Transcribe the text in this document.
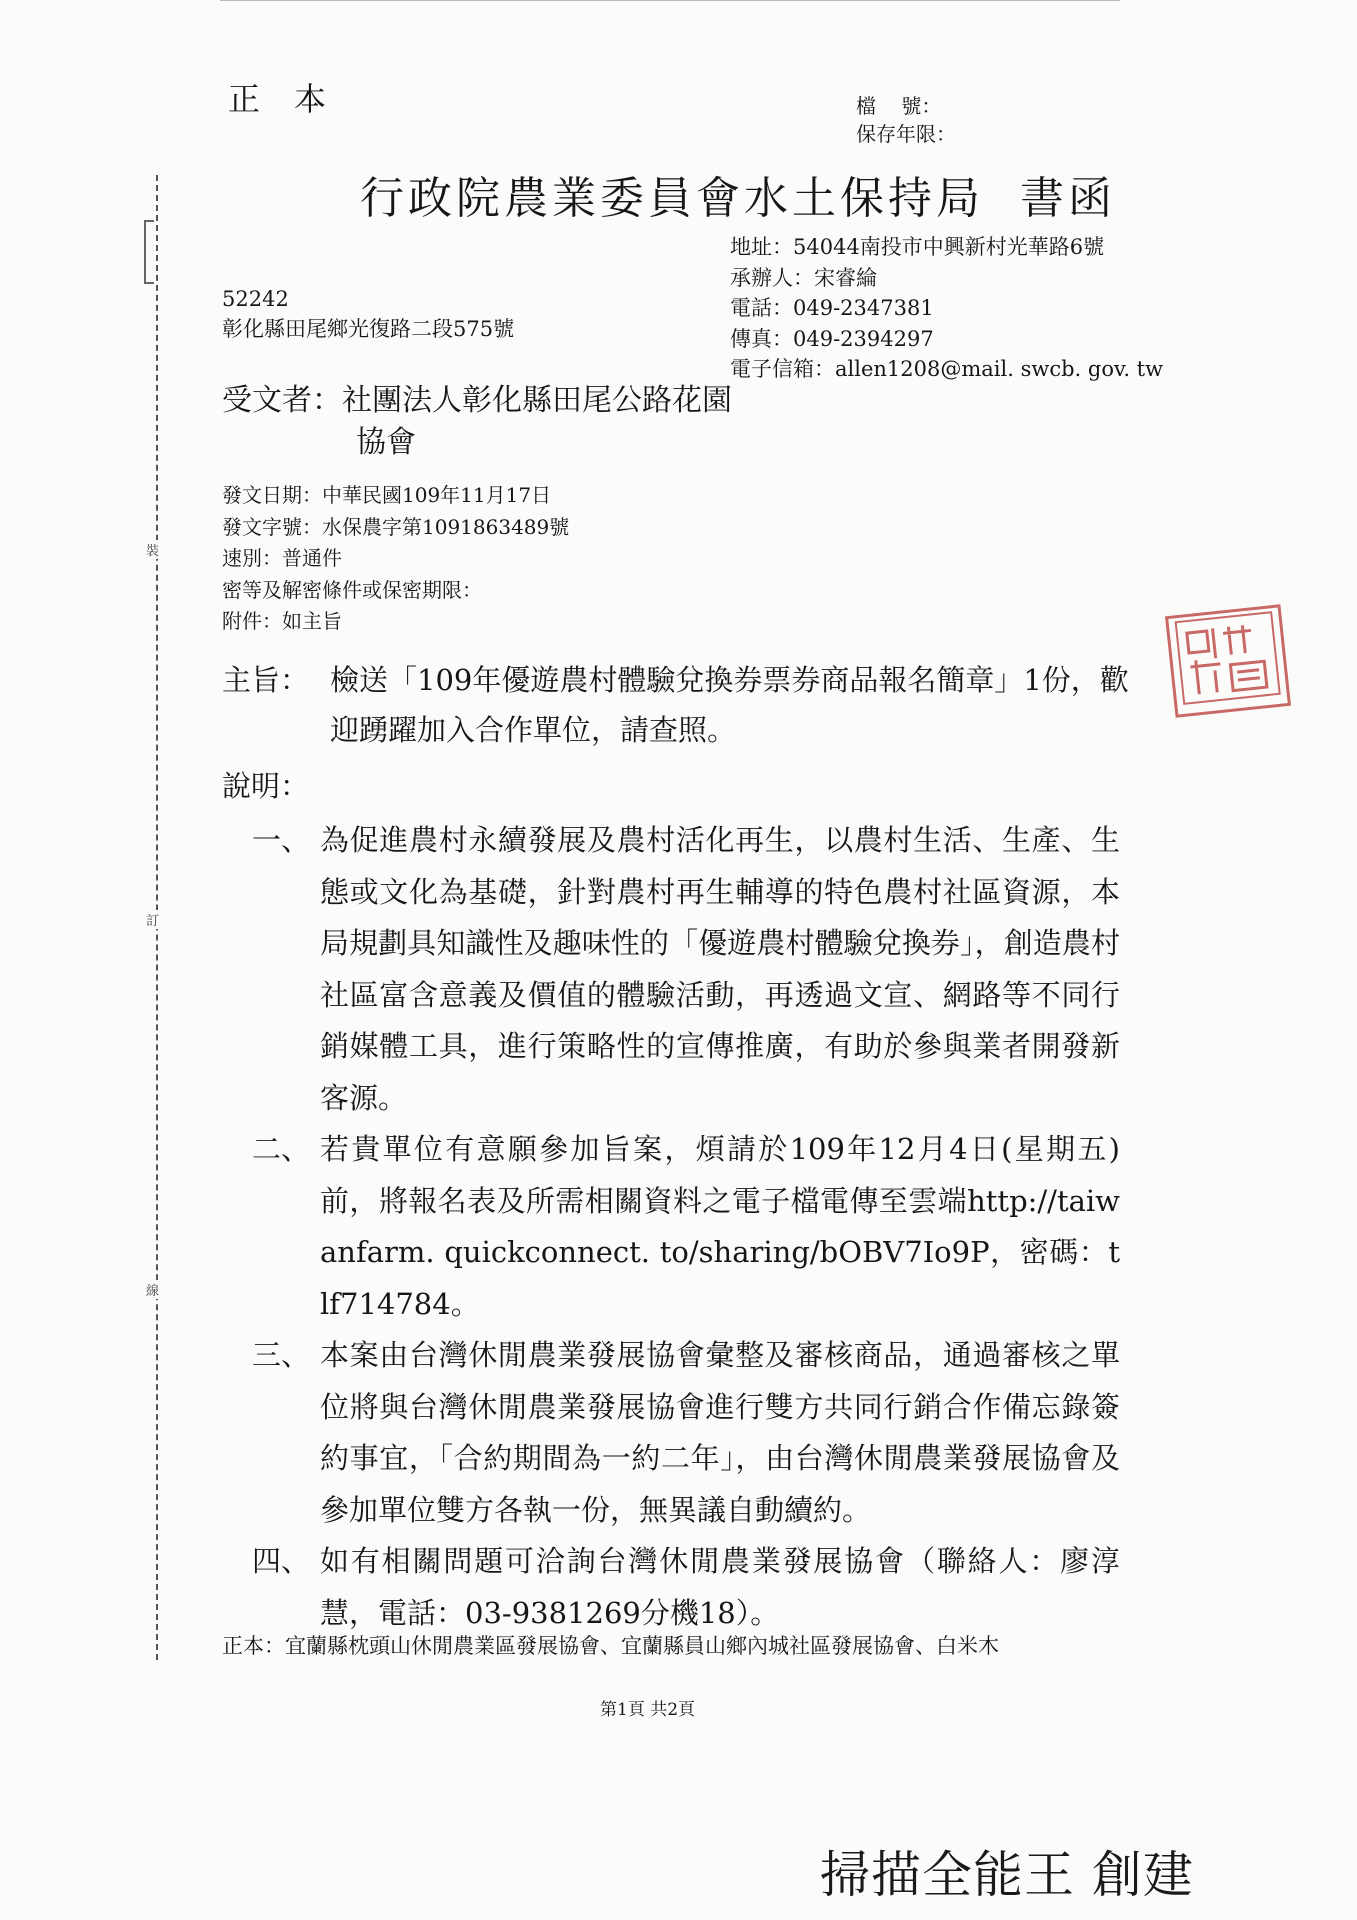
正本	檔    號：
保存年限：
行政院農業委員會水土保持局  書函
裝
訂
線
地址：54044南投市中興新村光華路6號
承辦人：宋睿綸
電話：049-2347381
傳真：049-2394297
電子信箱：allen1208@mail. swcb. gov. tw
52242
彰化縣田尾鄉光復路二段575號
受文者：社團法人彰化縣田尾公路花園
協會
發文日期：中華民國109年11月17日
發文字號：水保農字第1091863489號
速別：普通件
密等及解密條件或保密期限：
附件：如主旨
主旨： 檢送「109年優遊農村體驗兌換券票券商品報名簡章」1份，歡迎踴躍加入合作單位，請查照。
說明：
一、 為促進農村永續發展及農村活化再生，以農村生活、生產、生態或文化為基礎，針對農村再生輔導的特色農村社區資源，本局規劃具知識性及趣味性的「優遊農村體驗兌換券」，創造農村社區富含意義及價值的體驗活動，再透過文宣、網路等不同行銷媒體工具，進行策略性的宣傳推廣，有助於參與業者開發新客源。
二、 若貴單位有意願參加旨案，煩請於109年12月4日(星期五)前，將報名表及所需相關資料之電子檔電傳至雲端http://taiwanfarm. quickconnect. to/sharing/bOBV7Io9P，密碼：tlf714784。
三、 本案由台灣休閒農業發展協會彙整及審核商品，通過審核之單位將與台灣休閒農業發展協會進行雙方共同行銷合作備忘錄簽約事宜，「合約期間為一約二年」，由台灣休閒農業發展協會及參加單位雙方各執一份，無異議自動續約。
四、 如有相關問題可洽詢台灣休閒農業發展協會（聯絡人：廖淳慧，電話：03-9381269分機18）。
正本：宜蘭縣枕頭山休閒農業區發展協會、宜蘭縣員山鄉內城社區發展協會、白米木
第1頁 共2頁
掃描全能王 創建
